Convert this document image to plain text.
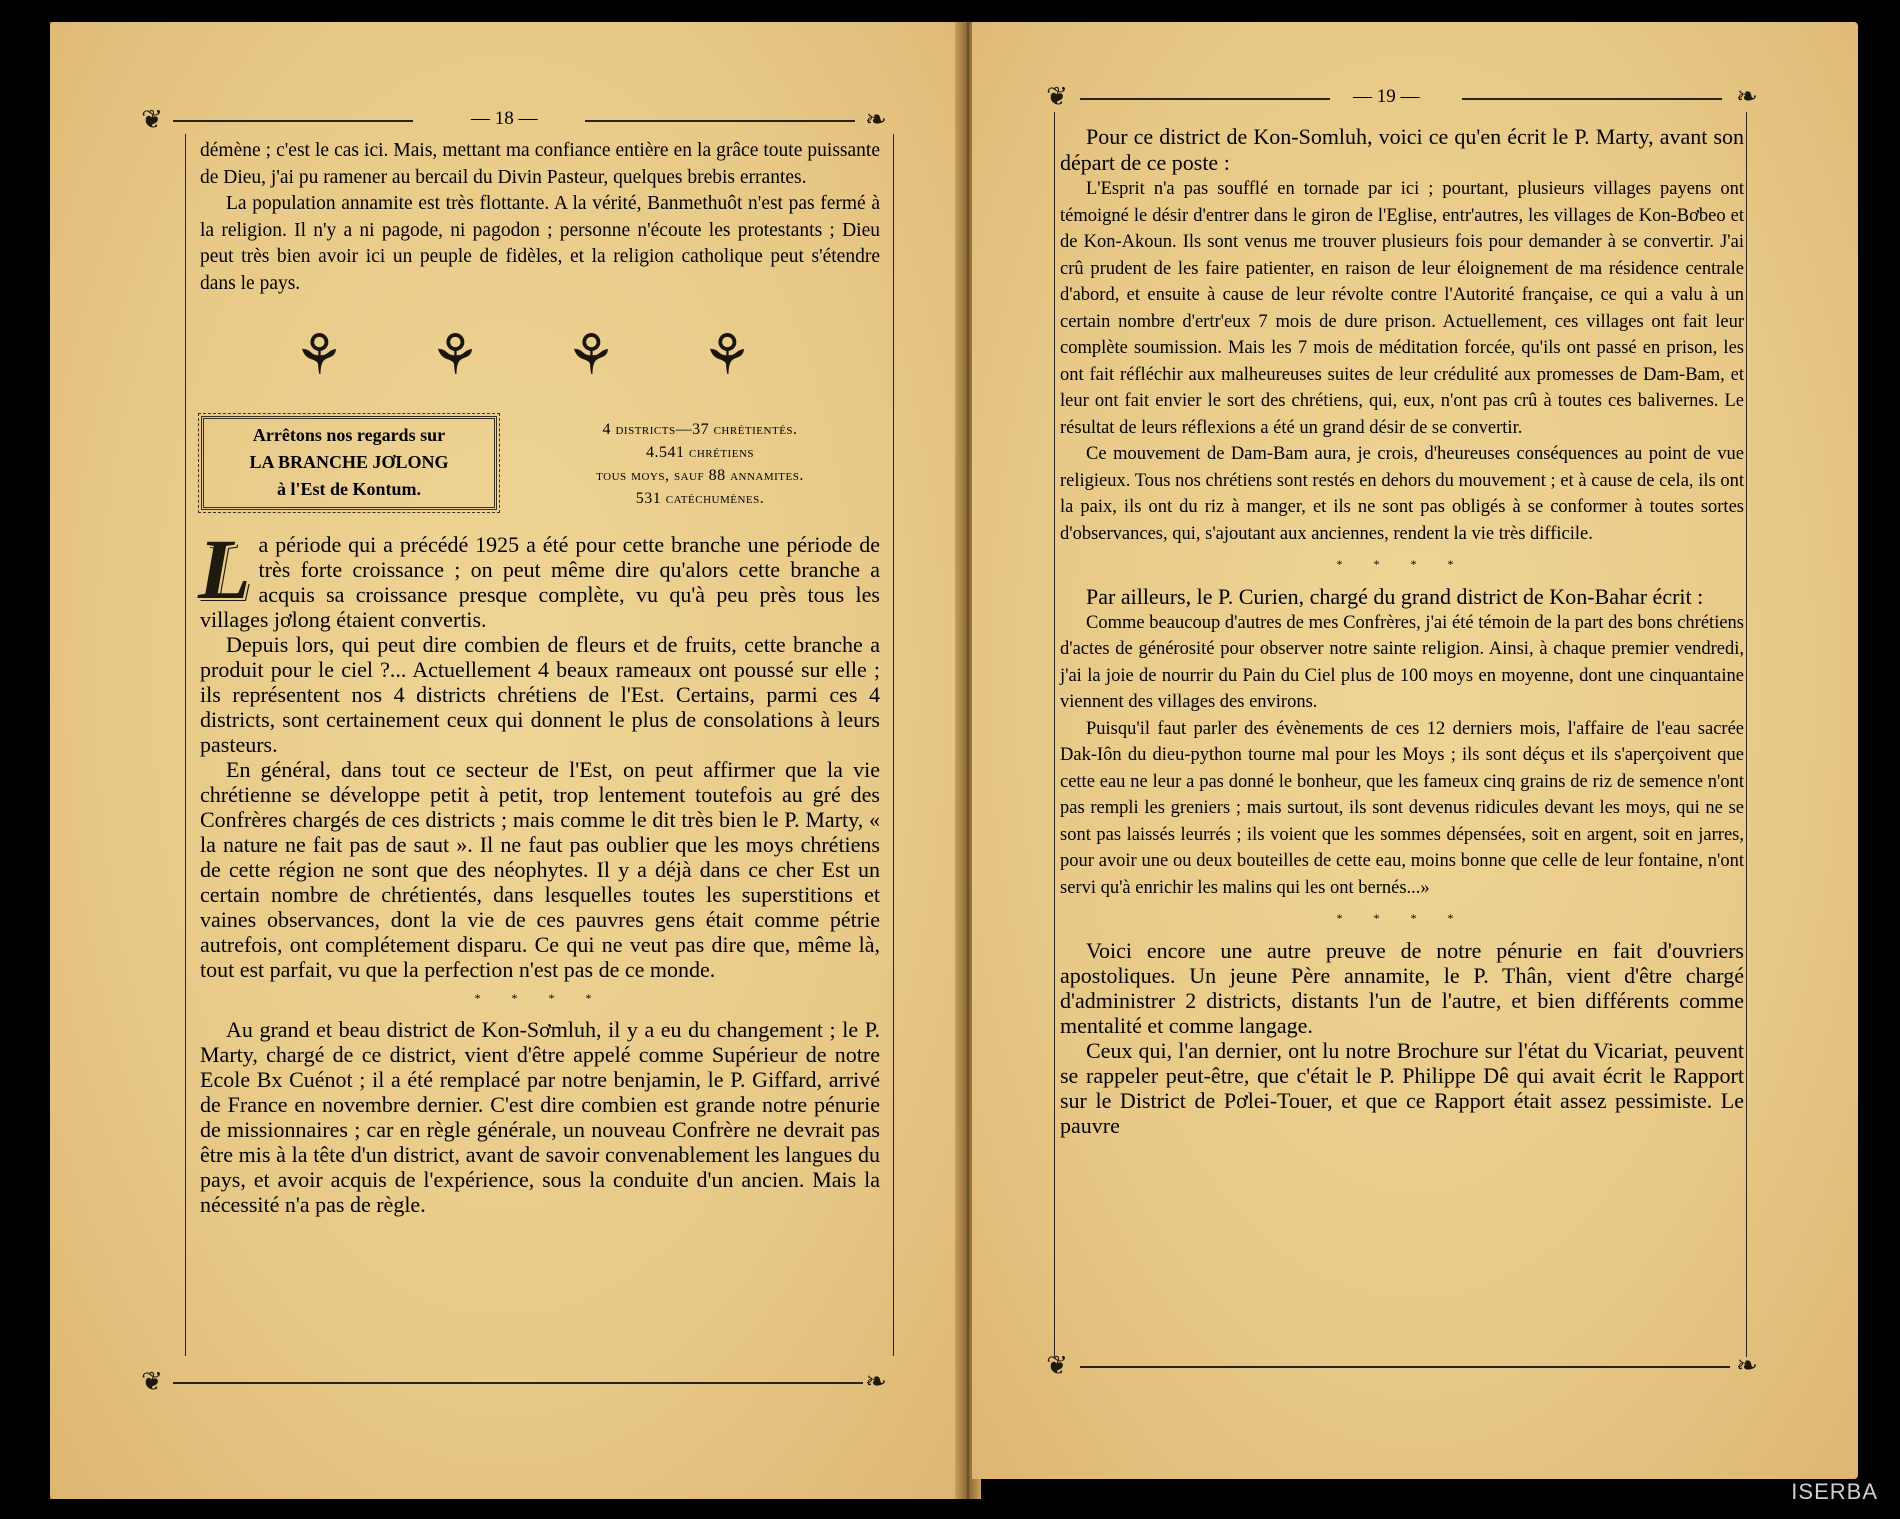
— 18 —
❦	❧
❦	❧
— 19 —
❦	❧
❦	❧

démène ; c'est le cas ici. Mais, mettant ma confiance entière en la grâce toute puissante de Dieu, j'ai pu ramener au bercail du Divin Pasteur, quelques brebis errantes.

La population annamite est très flottante. A la vérité, Banmethuôt n'est pas fermé à la religion. Il n'y a ni pagode, ni pagodon ; personne n'écoute les protestants ; Dieu peut très bien avoir ici un peuple de fidèles, et la religion catholique peut s'étendre dans le pays.

⚘ ⚘ ⚘ ⚘
Arrêtons nos regards sur
LA BRANCHE JƠLONG
à l'Est de Kontum.
4 districts—37 chrétientés.
4.541 chrétiens
tous moys, sauf 88 annamites.
531 catéchumènes.

La période qui a précédé 1925 a été pour cette branche une période de très forte croissance ; on peut même dire qu'alors cette branche a acquis sa croissance presque complète, vu qu'à peu près tous les villages jơlong étaient convertis.

Depuis lors, qui peut dire combien de fleurs et de fruits, cette branche a produit pour le ciel ?... Actuellement 4 beaux rameaux ont poussé sur elle ; ils représentent nos 4 districts chrétiens de l'Est. Certains, parmi ces 4 districts, sont certainement ceux qui donnent le plus de consolations à leurs pasteurs.

En général, dans tout ce secteur de l'Est, on peut affirmer que la vie chrétienne se développe petit à petit, trop lentement toutefois au gré des Confrères chargés de ces districts ; mais comme le dit très bien le P. Marty, « la nature ne fait pas de saut ». Il ne faut pas oublier que les moys chrétiens de cette région ne sont que des néophytes. Il y a déjà dans ce cher Est un certain nombre de chrétientés, dans lesquelles toutes les superstitions et vaines observances, dont la vie de ces pauvres gens était comme pétrie autrefois, ont complétement disparu. Ce qui ne veut pas dire que, même là, tout est parfait, vu que la perfection n'est pas de ce monde.

* * * *

Au grand et beau district de Kon-Sơmluh, il y a eu du changement ; le P. Marty, chargé de ce district, vient d'être appelé comme Supérieur de notre Ecole Bx Cuénot ; il a été remplacé par notre benjamin, le P. Giffard, arrivé de France en novembre dernier. C'est dire combien est grande notre pénurie de missionnaires ; car en règle générale, un nouveau Confrère ne devrait pas être mis à la tête d'un district, avant de savoir convenablement les langues du pays, et avoir acquis de l'expérience, sous la conduite d'un ancien. Mais la nécessité n'a pas de règle.

Pour ce district de Kon-Somluh, voici ce qu'en écrit le P. Marty, avant son départ de ce poste :

L'Esprit n'a pas soufflé en tornade par ici ; pourtant, plusieurs villages payens ont témoigné le désir d'entrer dans le giron de l'Eglise, entr'autres, les villages de Kon-Bơbeo et de Kon-Akoun. Ils sont venus me trouver plusieurs fois pour demander à se convertir. J'ai crû prudent de les faire patienter, en raison de leur éloignement de ma résidence centrale d'abord, et ensuite à cause de leur révolte contre l'Autorité française, ce qui a valu à un certain nombre d'ertr'eux 7 mois de dure prison. Actuellement, ces villages ont fait leur complète soumission. Mais les 7 mois de méditation forcée, qu'ils ont passé en prison, les ont fait réfléchir aux malheureuses suites de leur crédulité aux promesses de Dam-Bam, et leur ont fait envier le sort des chrétiens, qui, eux, n'ont pas crû à toutes ces balivernes. Le résultat de leurs réflexions a été un grand désir de se convertir.

Ce mouvement de Dam-Bam aura, je crois, d'heureuses conséquences au point de vue religieux. Tous nos chrétiens sont restés en dehors du mouvement ; et à cause de cela, ils ont la paix, ils ont du riz à manger, et ils ne sont pas obligés à se conformer à toutes sortes d'observances, qui, s'ajoutant aux anciennes, rendent la vie très difficile.

* * * *

Par ailleurs, le P. Curien, chargé du grand district de Kon-Bahar écrit :

Comme beaucoup d'autres de mes Confrères, j'ai été témoin de la part des bons chrétiens d'actes de générosité pour observer notre sainte religion. Ainsi, à chaque premier vendredi, j'ai la joie de nourrir du Pain du Ciel plus de 100 moys en moyenne, dont une cinquantaine viennent des villages des environs.

Puisqu'il faut parler des évènements de ces 12 derniers mois, l'affaire de l'eau sacrée Dak-Iôn du dieu-python tourne mal pour les Moys ; ils sont déçus et ils s'aperçoivent que cette eau ne leur a pas donné le bonheur, que les fameux cinq grains de riz de semence n'ont pas rempli les greniers ; mais surtout, ils sont devenus ridicules devant les moys, qui ne se sont pas laissés leurrés ; ils voient que les sommes dépensées, soit en argent, soit en jarres, pour avoir une ou deux bouteilles de cette eau, moins bonne que celle de leur fontaine, n'ont servi qu'à enrichir les malins qui les ont bernés...»

* * * *

Voici encore une autre preuve de notre pénurie en fait d'ouvriers apostoliques. Un jeune Père annamite, le P. Thân, vient d'être chargé d'administrer 2 districts, distants l'un de l'autre, et bien différents comme mentalité et comme langage.

Ceux qui, l'an dernier, ont lu notre Brochure sur l'état du Vicariat, peuvent se rappeler peut-être, que c'était le P. Philippe Dê qui avait écrit le Rapport sur le District de Pơlei-Touer, et que ce Rapport était assez pessimiste. Le pauvre

ISERBA
